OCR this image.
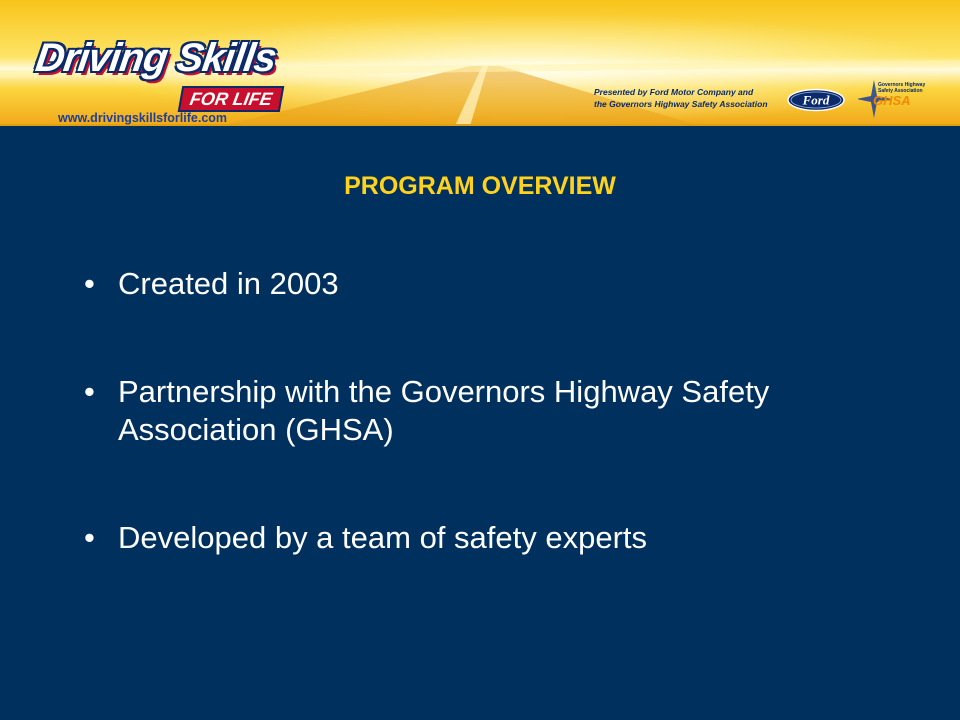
Driving Skills
FOR LIFE
www.drivingskillsforlife.com
Presented by Ford Motor Company and
the Governors Highway Safety Association	Ford
Governors Highway Safety Association
GHSA
PROGRAM OVERVIEW
• Created in 2003
• Partnership with the Governors Highway Safety Association (GHSA)
• Developed by a team of safety experts
